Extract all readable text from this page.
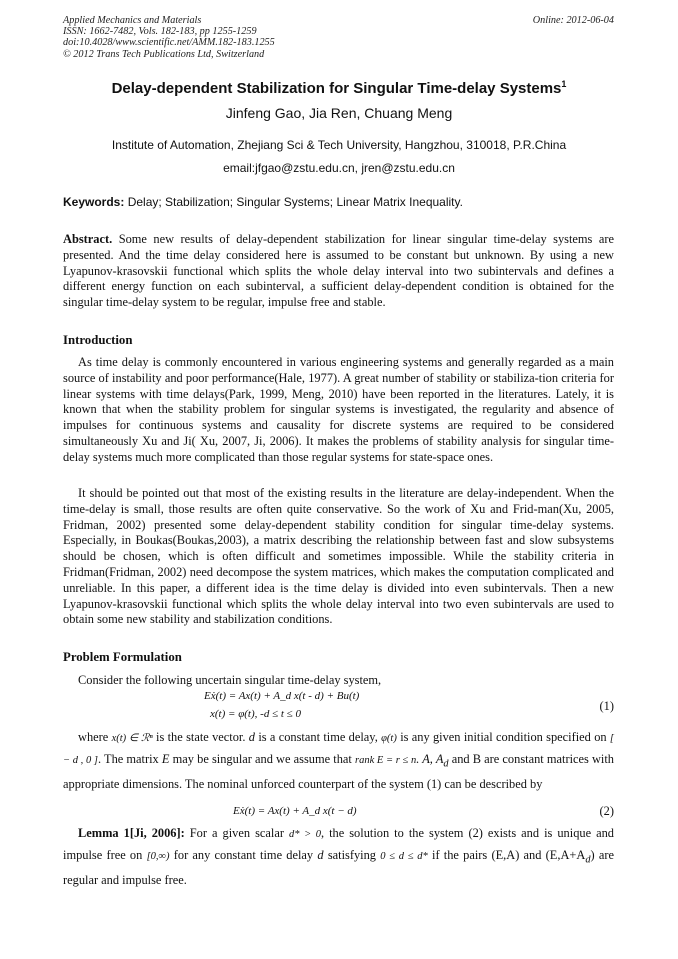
Applied Mechanics and Materials
ISSN: 1662-7482, Vols. 182-183, pp 1255-1259
doi:10.4028/www.scientific.net/AMM.182-183.1255
© 2012 Trans Tech Publications Ltd, Switzerland
Online: 2012-06-04
Delay-dependent Stabilization for Singular Time-delay Systems$^1$
Jinfeng Gao, Jia Ren, Chuang Meng
Institute of Automation, Zhejiang Sci & Tech University, Hangzhou, 310018, P.R.China
email:jfgao@zstu.edu.cn, jren@zstu.edu.cn
Keywords: Delay; Stabilization; Singular Systems; Linear Matrix Inequality.
Abstract. Some new results of delay-dependent stabilization for linear singular time-delay systems are presented. And the time delay considered here is assumed to be constant but unknown. By using a new Lyapunov-krasovskii functional which splits the whole delay interval into two subintervals and defines a different energy function on each subinterval, a sufficient delay-dependent condition is obtained for the singular time-delay system to be regular, impulse free and stable.
Introduction
As time delay is commonly encountered in various engineering systems and generally regarded as a main source of instability and poor performance(Hale, 1977). A great number of stability or stabiliza-tion criteria for linear systems with time delays(Park, 1999, Meng, 2010) have been reported in the literatures. Lately, it is known that when the stability problem for singular systems is investigated, the regularity and absence of impulses for continuous systems and causality for discrete systems are required to be considered simultaneously Xu and Ji( Xu, 2007, Ji, 2006). It makes the problems of stability analysis for singular time-delay systems much more complicated than those regular systems for state-space ones.
It should be pointed out that most of the existing results in the literature are delay-independent. When the time-delay is small, those results are often quite conservative. So the work of Xu and Frid-man(Xu, 2005, Fridman, 2002) presented some delay-dependent stability condition for singular time-delay systems. Especially, in Boukas(Boukas,2003), a matrix describing the relationship between fast and slow subsystems should be chosen, which is often difficult and sometimes impossible. While the stability criteria in Fridman(Fridman, 2002) need decompose the system matrices, which makes the computation complicated and unreliable. In this paper, a different idea is the time delay is divided into even subintervals. Then a new Lyapunov-krasovskii functional which splits the whole delay interval into two even subintervals are used to obtain some new stability and stabilization conditions.
Problem Formulation
Consider the following uncertain singular time-delay system,
Eẋ(t) = Ax(t) + A_d x(t - d) + Bu(t)
x(t) = φ(t), -d ≤ t ≤ 0
(1)
where x(t) ∈ ℛⁿ is the state vector. d is a constant time delay, φ(t) is any given initial condition specified on [ − d , 0 ]. The matrix E may be singular and we assume that rank E = r ≤ n. A, $A_d$ and B are constant matrices with appropriate dimensions. The nominal unforced counterpart of the system (1) can be described by
Eẋ(t) = Ax(t) + A_d x(t − d)	(2)
Lemma 1[Ji, 2006]: For a given scalar d* > 0, the solution to the system (2) exists and is unique and impulse free on [0,∞) for any constant time delay d satisfying 0 ≤ d ≤ d* if the pairs (E,A) and $(E,A+A_d)$ are regular and impulse free.
